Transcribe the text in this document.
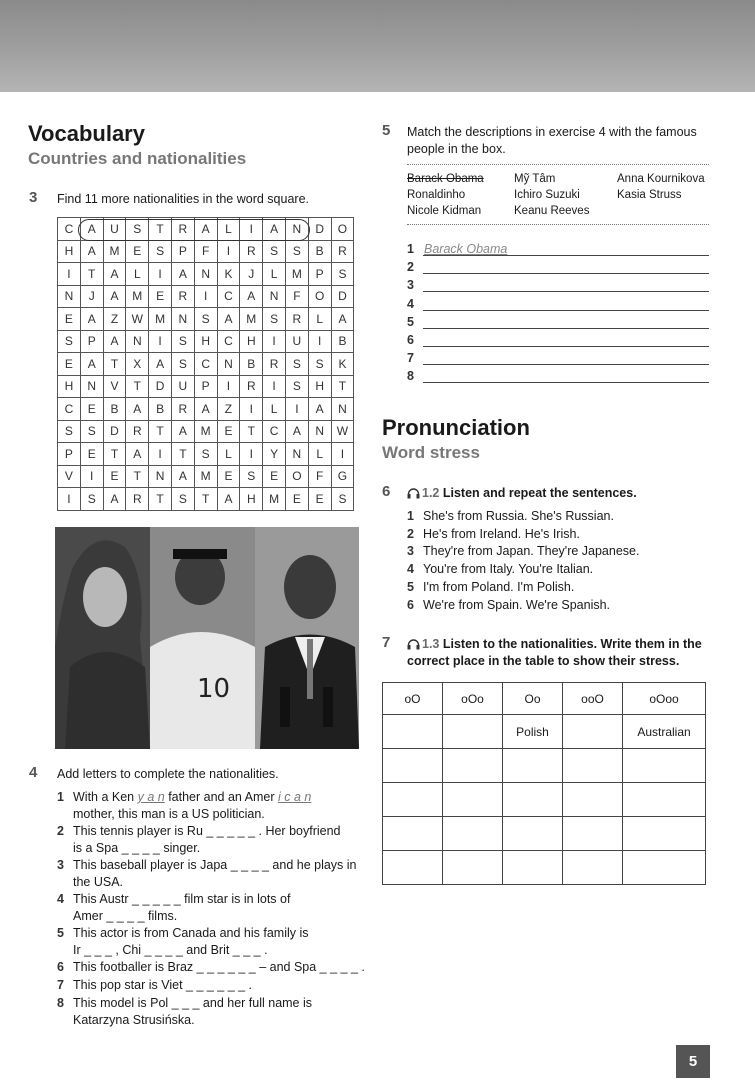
Vocabulary
Countries and nationalities
3 Find 11 more nationalities in the word square.
C	A	U	S	T	R	A	L	I	A	N	D	O
H	A	M	E	S	P	F	I	R	S	S	B	R
I	T	A	L	I	A	N	K	J	L	M	P	S
N	J	A	M	E	R	I	C	A	N	F	O	D
E	A	Z	W	M	N	S	A	M	S	R	L	A
S	P	A	N	I	S	H	C	H	I	U	I	B
E	A	T	X	A	S	C	N	B	R	S	S	K
H	N	V	T	D	U	P	I	R	I	S	H	T
C	E	B	A	B	R	A	Z	I	L	I	A	N
S	S	D	R	T	A	M	E	T	C	A	N	W
P	E	T	A	I	T	S	L	I	Y	N	L	I
V	I	E	T	N	A	M	E	S	E	O	F	G
I	S	A	R	T	S	T	A	H	M	E	E	S
10
4 Add letters to complete the nationalities.
1 With a Ken y a n father and an Amer i c a n
mother, this man is a US politician.
2 This tennis player is Ru _ _ _ _ _ . Her boyfriend
is a Spa _ _ _ _ singer.
3 This baseball player is Japa _ _ _ _ and he plays in
the USA.
4 This Austr _ _ _ _ _ film star is in lots of
Amer _ _ _ _ films.
5 This actor is from Canada and his family is
Ir _ _ _ , Chi _ _ _ _ and Brit _ _ _ .
6 This footballer is Braz _ _ _ _ _ _ – and Spa _ _ _ _ .
7 This pop star is Viet _ _ _ _ _ _ .
8 This model is Pol _ _ _ and her full name is
Katarzyna Strusińska.
5 Match the descriptions in exercise 4 with the famous
people in the box.
Barack Obama	Mỹ Tâm	Anna Kournikova
Ronaldinho	Ichiro Suzuki	Kasia Struss
Nicole Kidman	Keanu Reeves
1 Barack Obama
2
3
4
5
6
7
8
Pronunciation
Word stress
6	1.2 Listen and repeat the sentences.
1 She's from Russia. She's Russian.
2 He's from Ireland. He's Irish.
3 They're from Japan. They're Japanese.
4 You're from Italy. You're Italian.
5 I'm from Poland. I'm Polish.
6 We're from Spain. We're Spanish.
7	1.3 Listen to the nationalities. Write them in the
correct place in the table to show their stress.
oO	oOo	Oo	ooO	oOoo
		Polish		Australian

5
